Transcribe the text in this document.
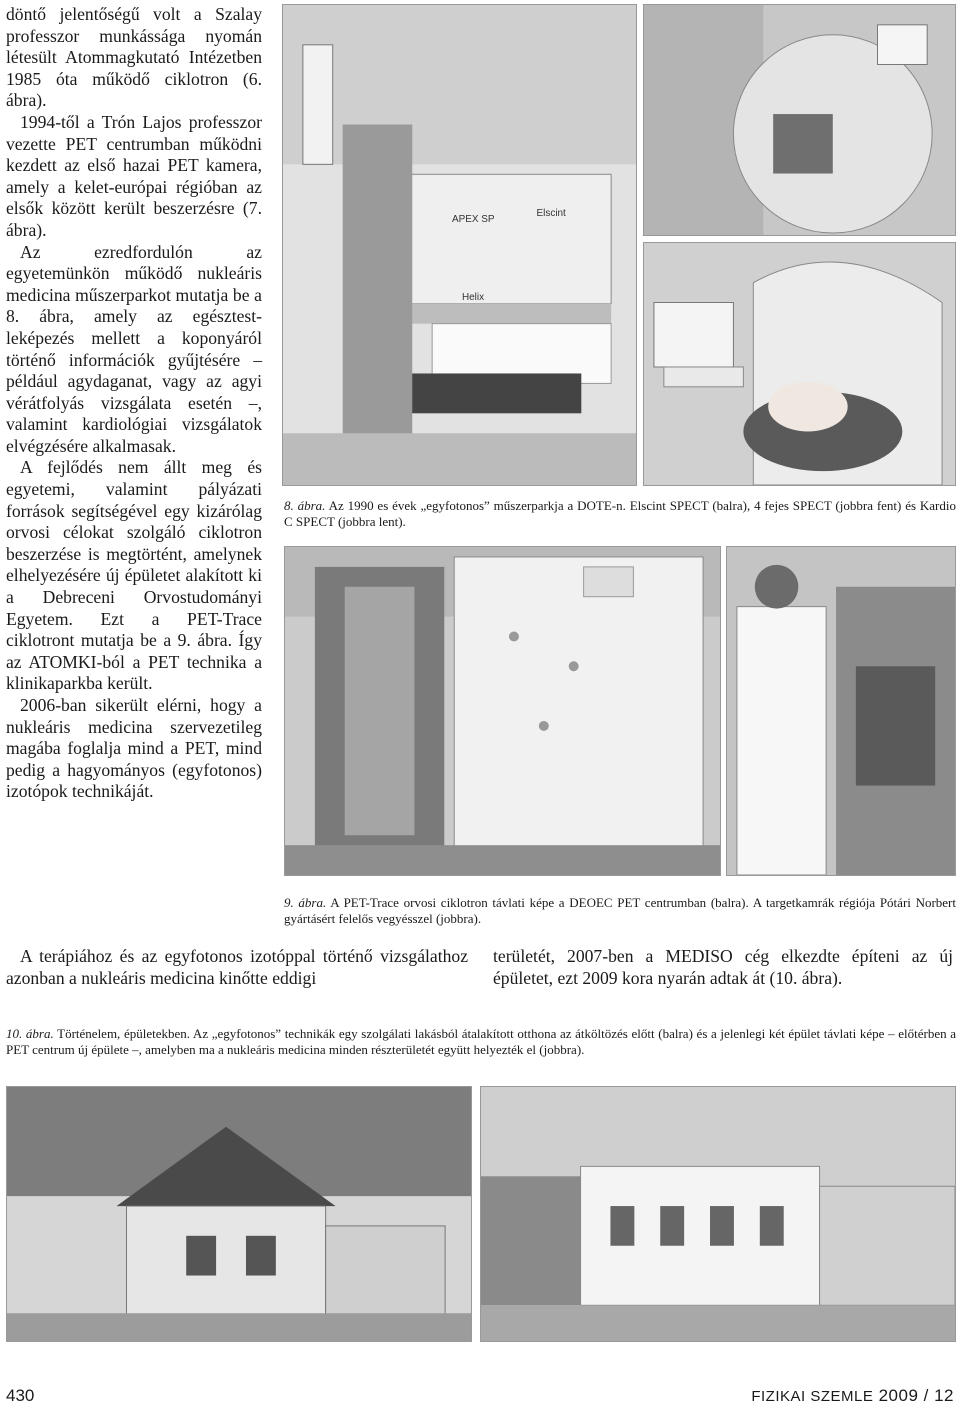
döntő jelentőségű volt a Szalay professzor munkássága nyomán létesült Atommagkutató Intézetben 1985 óta működő ciklotron (6. ábra).

1994-től a Trón Lajos professzor vezette PET centrumban működni kezdett az első hazai PET kamera, amely a kelet-európai régióban az elsők között került beszerzésre (7. ábra).

Az ezredfordulón az egyetemünkön működő nukleáris medicina műszerparkot mutatja be a 8. ábra, amely az egésztest-leképezés mellett a koponyáról történő információk gyűjtésére – például agydaganat, vagy az agyi vérátfolyás vizsgálata esetén –, valamint kardiológiai vizsgálatok elvégzésére alkalmasak.

A fejlődés nem állt meg és egyetemi, valamint pályázati források segítségével egy kizárólag orvosi célokat szolgáló ciklotron beszerzése is megtörtént, amelynek elhelyezésére új épületet alakított ki a Debreceni Orvostudományi Egyetem. Ezt a PET-Trace ciklotront mutatja be a 9. ábra. Így az ATOMKI-ból a PET technika a klinikaparkba került.

2006-ban sikerült elérni, hogy a nukleáris medicina szervezetileg magába foglalja mind a PET, mind pedig a hagyományos (egyfotonos) izotópok technikáját.

A terápiához és az egyfotonos izotóppal történő vizsgálathoz azonban a nukleáris medicina kinőtte eddigi

területét, 2007-ben a MEDISO cég elkezdte építeni az új épületet, ezt 2009 kora nyarán adtak át (10. ábra).

APEX SP
Elscint
Helix
8. ábra. Az 1990 es évek „egyfotonos” műszerparkja a DOTE-n. Elscint SPECT (balra), 4 fejes SPECT (jobbra fent) és Kardio C SPECT (jobbra lent).
9. ábra. A PET-Trace orvosi ciklotron távlati képe a DEOEC PET centrumban (balra). A targetkamrák régiója Pótári Norbert gyártásért felelős vegyésszel (jobbra).
10. ábra. Történelem, épületekben. Az „egyfotonos” technikák egy szolgálati lakásból átalakított otthona az átköltözés előtt (balra) és a jelenlegi két épület távlati képe – előtérben a PET centrum új épülete –, amelyben ma a nukleáris medicina minden részterületét együtt helyezték el (jobbra).
430	FIZIKAI SZEMLE 2009 / 12
